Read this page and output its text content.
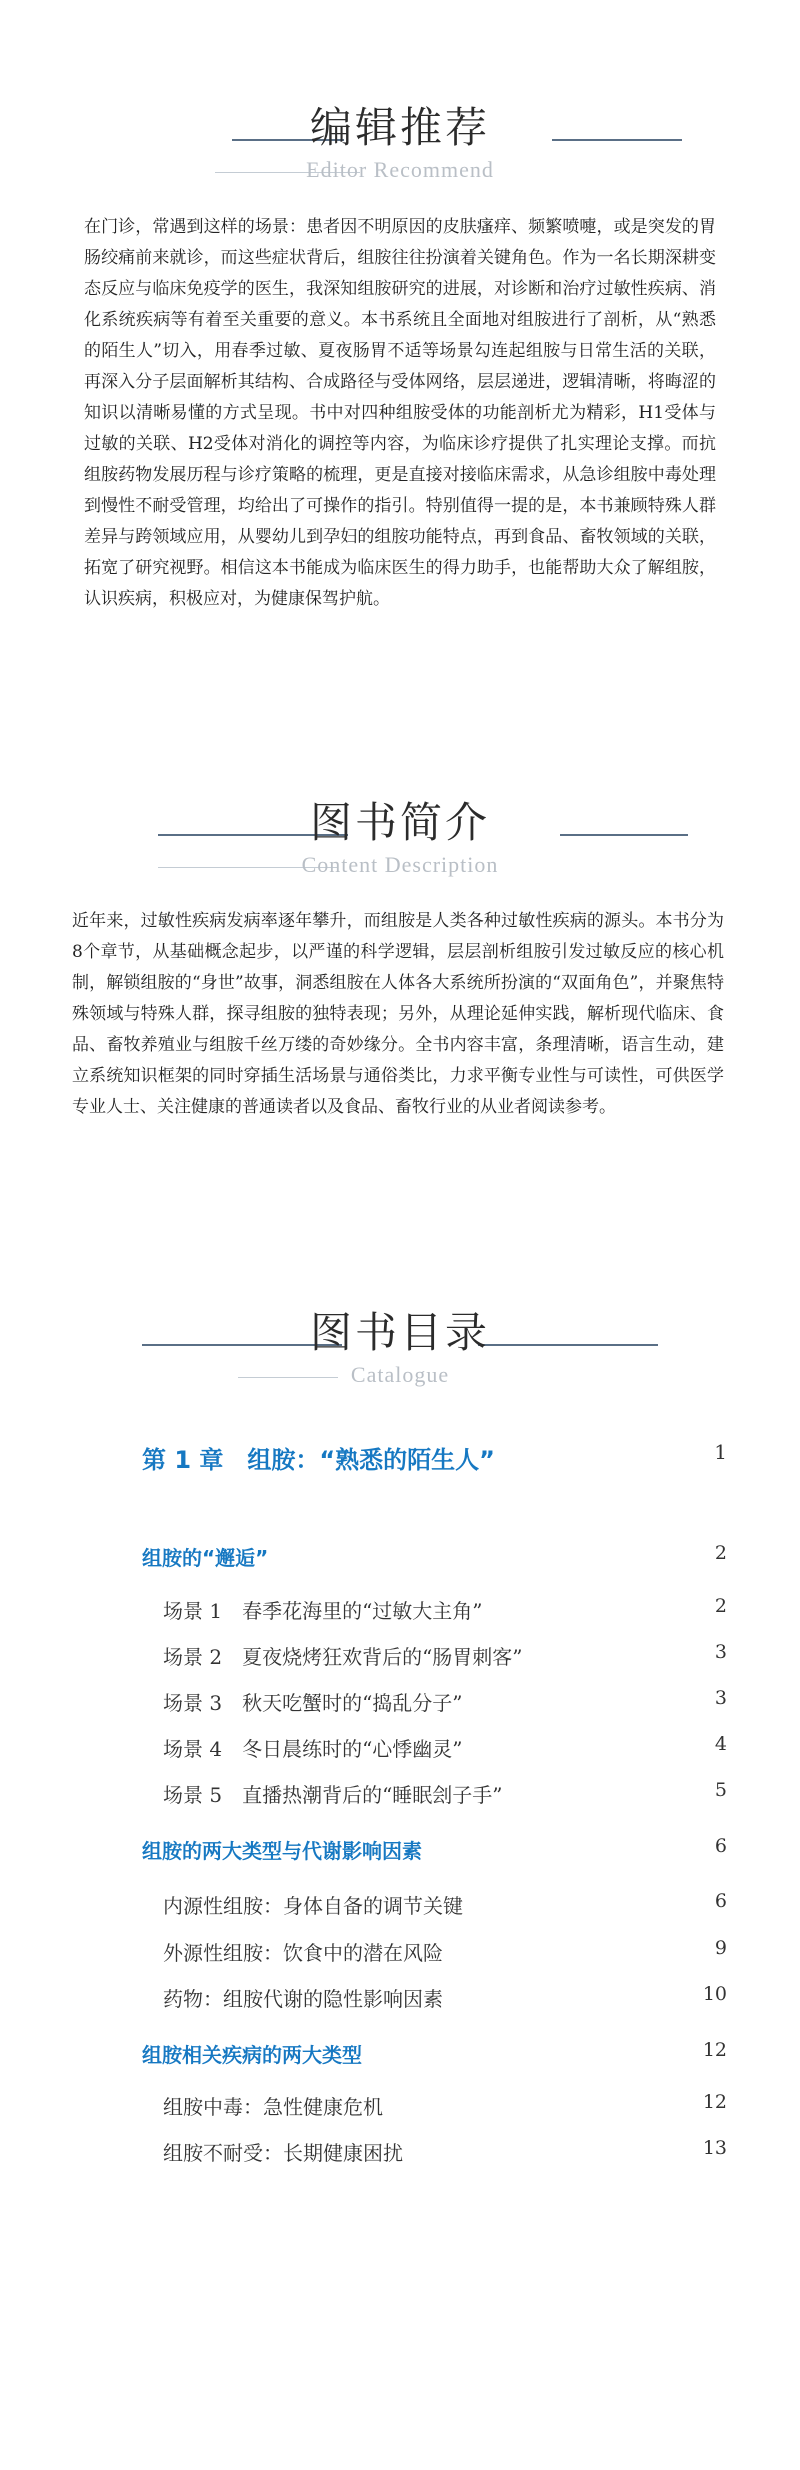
编辑推荐
Editor Recommend

在门诊，常遇到这样的场景：患者因不明原因的皮肤瘙痒、频繁喷嚏，或是突发的胃肠绞痛前来就诊，而这些症状背后，组胺往往扮演着关键角色。作为一名长期深耕变态反应与临床免疫学的医生，我深知组胺研究的进展，对诊断和治疗过敏性疾病、消化系统疾病等有着至关重要的意义。本书系统且全面地对组胺进行了剖析，从“熟悉的陌生人”切入，用春季过敏、夏夜肠胃不适等场景勾连起组胺与日常生活的关联，再深入分子层面解析其结构、合成路径与受体网络，层层递进，逻辑清晰，将晦涩的知识以清晰易懂的方式呈现。书中对四种组胺受体的功能剖析尤为精彩，H1受体与过敏的关联、H2受体对消化的调控等内容，为临床诊疗提供了扎实理论支撑。而抗组胺药物发展历程与诊疗策略的梳理，更是直接对接临床需求，从急诊组胺中毒处理到慢性不耐受管理，均给出了可操作的指引。特别值得一提的是，本书兼顾特殊人群差异与跨领域应用，从婴幼儿到孕妇的组胺功能特点，再到食品、畜牧领域的关联，拓宽了研究视野。相信这本书能成为临床医生的得力助手，也能帮助大众了解组胺，认识疾病，积极应对，为健康保驾护航。

图书简介
Content Description

近年来，过敏性疾病发病率逐年攀升，而组胺是人类各种过敏性疾病的源头。本书分为8个章节，从基础概念起步，以严谨的科学逻辑，层层剖析组胺引发过敏反应的核心机制，解锁组胺的“身世”故事，洞悉组胺在人体各大系统所扮演的“双面角色”，并聚焦特殊领域与特殊人群，探寻组胺的独特表现；另外，从理论延伸实践，解析现代临床、食品、畜牧养殖业与组胺千丝万缕的奇妙缘分。全书内容丰富，条理清晰，语言生动，建立系统知识框架的同时穿插生活场景与通俗类比，力求平衡专业性与可读性，可供医学专业人士、关注健康的普通读者以及食品、畜牧行业的从业者阅读参考。

图书目录
Catalogue
第 1 章　组胺：“熟悉的陌生人”	1
组胺的“邂逅”	2
场景 1　春季花海里的“过敏大主角”	2
场景 2　夏夜烧烤狂欢背后的“肠胃刺客”	3
场景 3　秋天吃蟹时的“捣乱分子”	3
场景 4　冬日晨练时的“心悸幽灵”	4
场景 5　直播热潮背后的“睡眠刽子手”	5
组胺的两大类型与代谢影响因素	6
内源性组胺：身体自备的调节关键	6
外源性组胺：饮食中的潜在风险	9
药物：组胺代谢的隐性影响因素	10
组胺相关疾病的两大类型	12
组胺中毒：急性健康危机	12
组胺不耐受：长期健康困扰	13
